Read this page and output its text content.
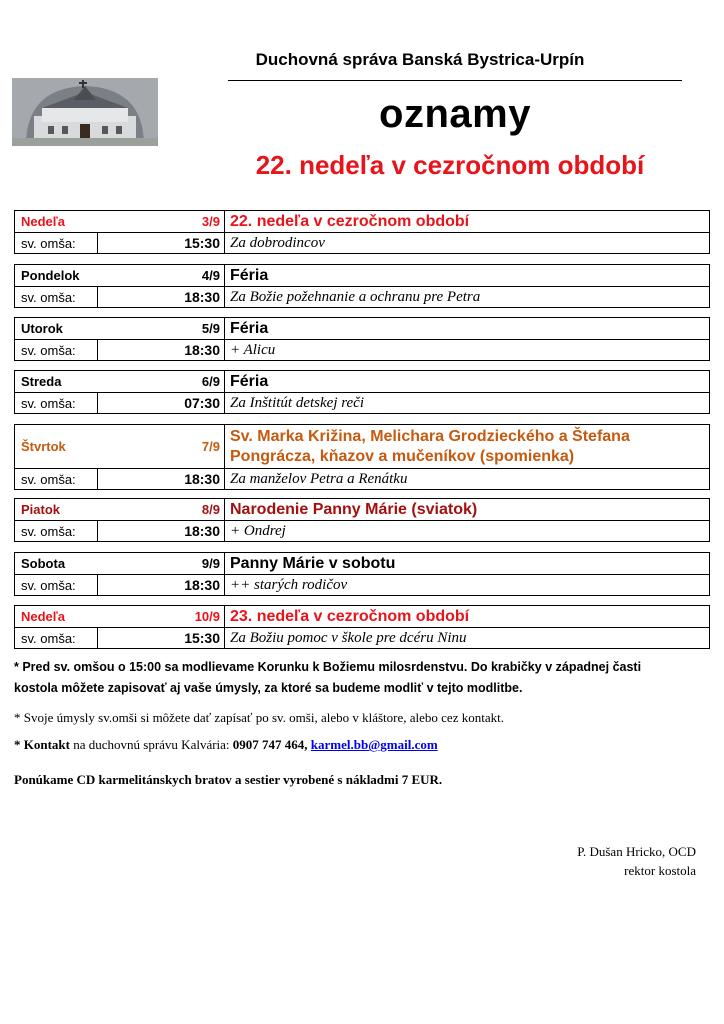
Duchovná správa Banská Bystrica-Urpín
oznamy
22. nedeľa v cezročnom období
Nedeľa	3/9 22. nedeľa v cezročnom období
sv. omša:	15:30 Za dobrodincov
Pondelok	4/9 Féria
sv. omša:	18:30 Za Božie požehnanie a ochranu pre Petra
Utorok	5/9 Féria
sv. omša:	18:30 + Alicu
Streda	6/9 Féria
sv. omša:	07:30 Za Inštitút detskej reči
Štvrtok	7/9
Sv. Marka Križina, Melichara Grodzieckého a Štefana
Pongrácza, kňazov a mučeníkov (spomienka)
sv. omša:	18:30 Za manželov Petra a Renátku
Piatok	8/9 Narodenie Panny Márie (sviatok)
sv. omša:	18:30 + Ondrej
Sobota	9/9 Panny Márie v sobotu
sv. omša:	18:30 ++ starých rodičov
Nedeľa	10/9 23. nedeľa v cezročnom období
sv. omša:	15:30 Za Božiu pomoc v škole pre dcéru Ninu
* Pred sv. omšou o 15:00 sa modlievame Korunku k Božiemu milosrdenstvu. Do krabičky v západnej časti
kostola môžete zapisovať aj vaše úmysly, za ktoré sa budeme modliť v tejto modlitbe.
* Svoje úmysly sv.omši si môžete dať zapísať po sv. omši, alebo v kláštore, alebo cez kontakt.
* Kontakt na duchovnú správu Kalvária: 0907 747 464, karmel.bb@gmail.com
Ponúkame CD karmelitánskych bratov a sestier vyrobené s nákladmi 7 EUR.
P. Dušan Hricko, OCD
rektor kostola
